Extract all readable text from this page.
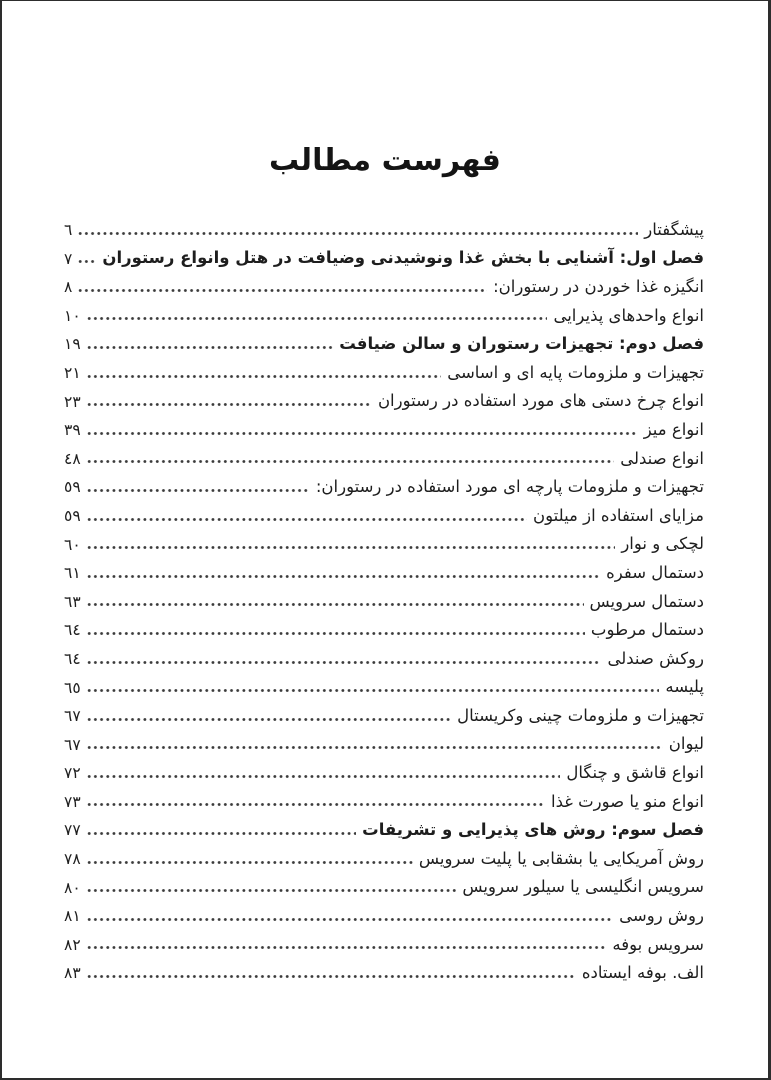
فهرست مطالب
پیشگفتار
٦
فصل اول: آشنایی با بخش غذا ونوشیدنی وضیافت در هتل وانواع رستوران
٧
انگیزه غذا خوردن در رستوران:
٨
انواع واحدهای پذیرایی
١٠
فصل دوم: تجهیزات رستوران و سالن ضیافت
١٩
تجهیزات و ملزومات پایه ای و اساسی
٢١
انواع چرخ دستی های مورد استفاده در رستوران
٢٣
انواع میز
٣٩
انواع صندلی
٤٨
تجهیزات و ملزومات پارچه ای مورد استفاده در رستوران:
٥٩
مزایای استفاده از میلتون
٥٩
لچکی و نوار
٦٠
دستمال سفره
٦١
دستمال سرویس
٦٣
دستمال مرطوب
٦٤
روکش صندلی
٦٤
پلیسه
٦٥
تجهیزات و ملزومات چینی وکریستال
٦٧
لیوان
٦٧
انواع قاشق و چنگال
٧٢
انواع منو یا صورت غذا
٧٣
فصل سوم: روش های پذیرایی و تشریفات
٧٧
روش آمریکایی یا بشقابی یا پلیت سرویس
٧٨
سرویس انگلیسی یا سیلور سرویس
٨٠
روش روسی
٨١
سرویس بوفه
٨٢
الف. بوفه ایستاده
٨٣
